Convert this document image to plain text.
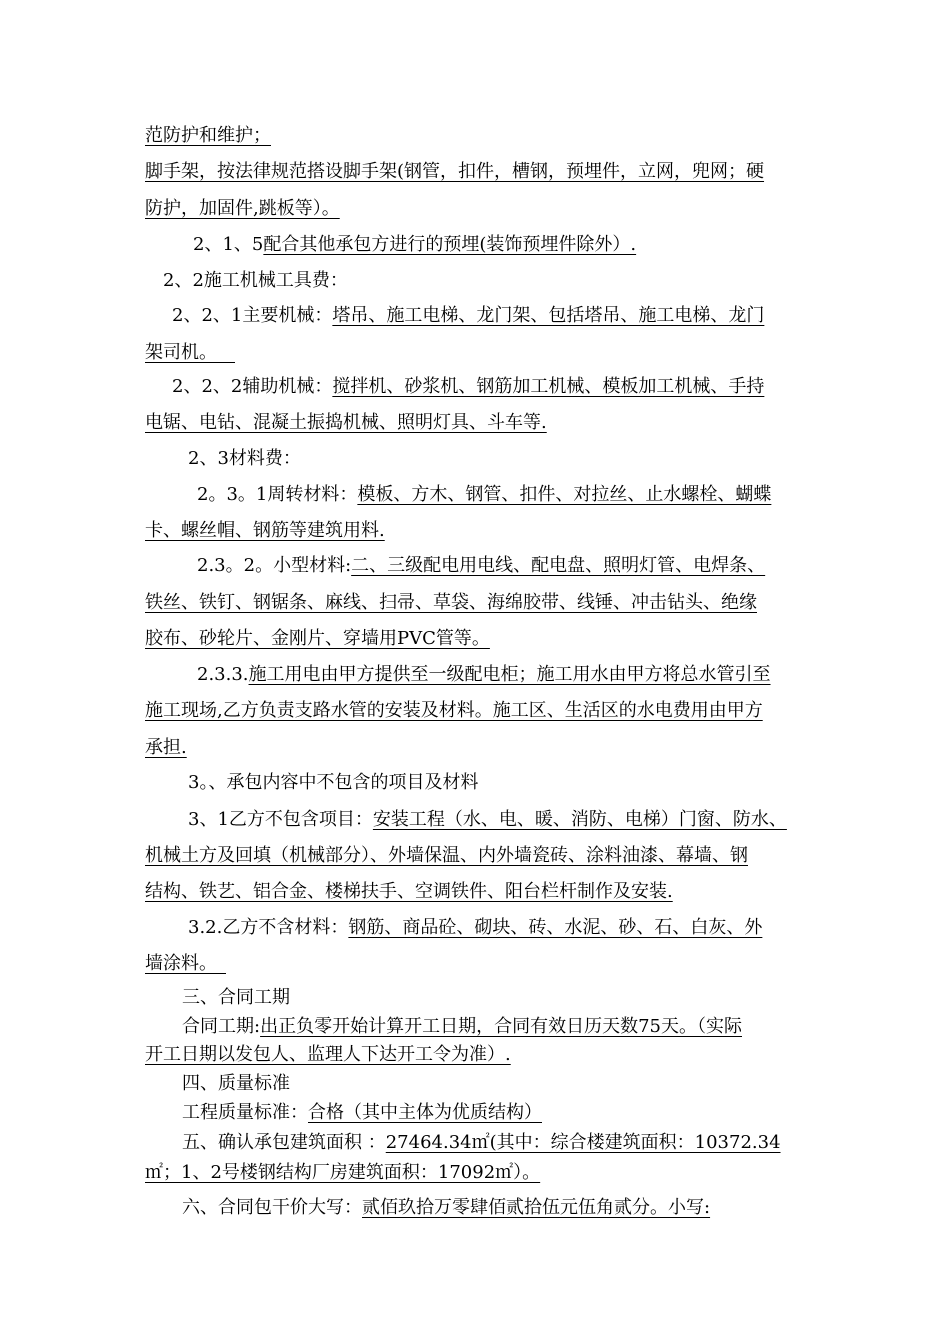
范防护和维护；
脚手架，按法律规范搭设脚手架(钢管，扣件，槽钢，预埋件，立网，兜网；硬
防护，加固件,跳板等）。
2、1、5配合其他承包方进行的预埋(装饰预埋件除外）.
2、2施工机械工具费：
2、2、1主要机械：塔吊、施工电梯、龙门架、包括塔吊、施工电梯、龙门
架司机。　 
2、2、2辅助机械：搅拌机、砂浆机、钢筋加工机械、模板加工机械、手持
电锯、电钻、混凝土振捣机械、照明灯具、斗车等.
2、3材料费：
2。3。1周转材料：模板、方木、钢管、扣件、对拉丝、止水螺栓、蝴蝶
卡、螺丝帽、钢筋等建筑用料.
2.3。2。小型材料:二、三级配电用电线、配电盘、照明灯管、电焊条、
铁丝、铁钉、钢锯条、麻线、扫帚、草袋、海绵胶带、线锤、冲击钻头、绝缘
胶布、砂轮片、金刚片、穿墙用PVC管等。
2.3.3.施工用电由甲方提供至一级配电柜；施工用水由甲方将总水管引至
施工现场,乙方负责支路水管的安装及材料。施工区、生活区的水电费用由甲方
承担.
3。、承包内容中不包含的项目及材料
3、1乙方不包含项目：安装工程（水、电、暖、消防、电梯）门窗、防水、
机械土方及回填（机械部分）、外墙保温、内外墙瓷砖、涂料油漆、幕墙、钢
结构、铁艺、铝合金、楼梯扶手、空调铁件、阳台栏杆制作及安装.
3.2.乙方不含材料：钢筋、商品砼、砌块、砖、水泥、砂、石、白灰、外
墙涂料。 
三、合同工期
合同工期:出正负零开始计算开工日期，合同有效日历天数75天。（实际
开工日期以发包人、监理人下达开工令为准）.
四、质量标准
工程质量标准：合格（其中主体为优质结构）
五、确认承包建筑面积 ：27464.34㎡(其中：综合楼建筑面积：10372.34
㎡；1、2号楼钢结构厂房建筑面积：17092㎡）。
六、合同包干价大写：贰佰玖拾万零肆佰贰拾伍元伍角贰分。小写:
